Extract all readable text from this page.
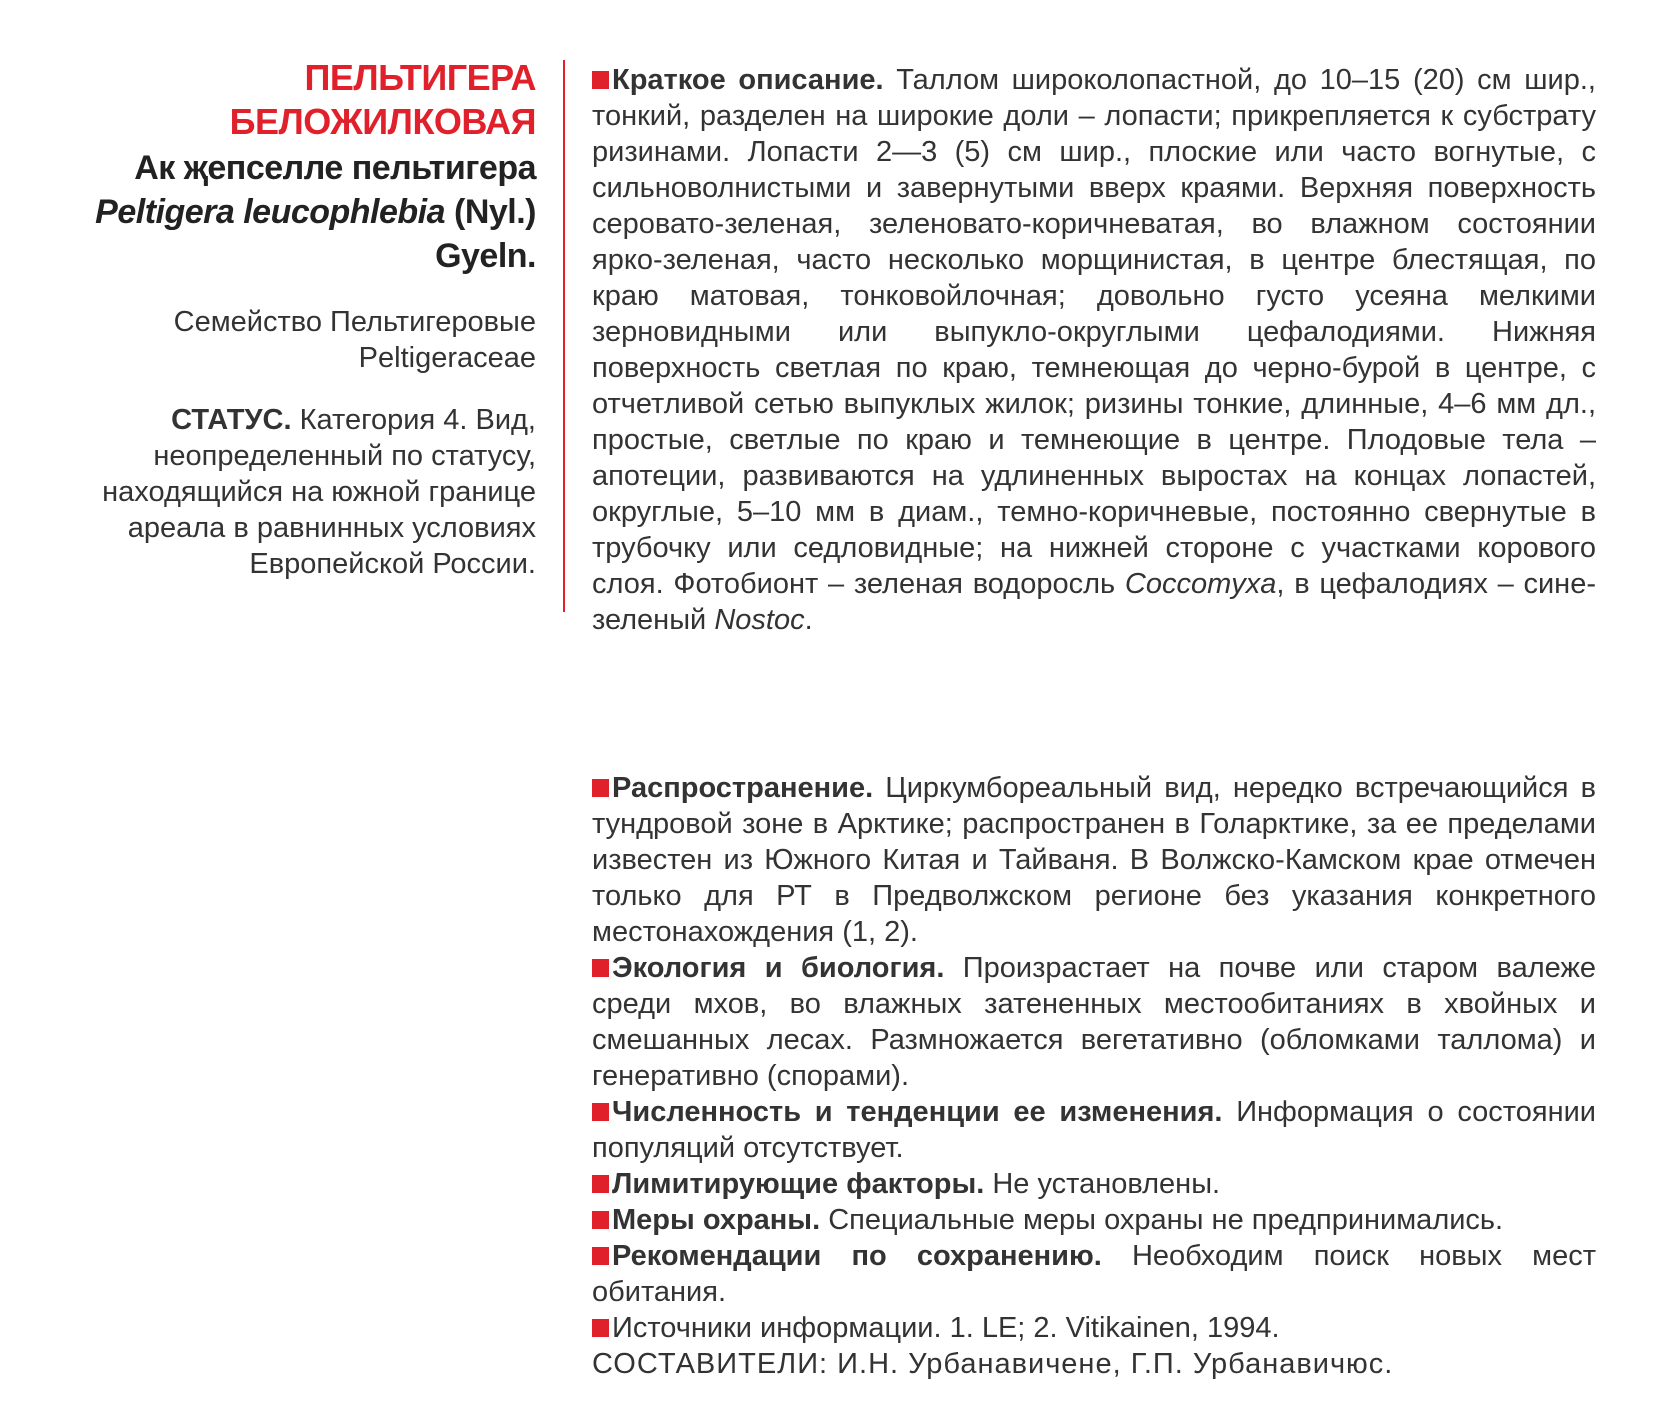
ПЕЛЬТИГЕРА
БЕЛОЖИЛКОВАЯ
Ак җепселле пельтигера
Peltigera leucophlebia (Nyl.)
Gyeln.
Семейство Пельтигеровые
Peltigeraceae
СТАТУС. Категория 4. Вид, неопределенный по статусу, находящийся на южной границе ареала в равнинных условиях Европейской России.

Краткое описание. Таллом широколопастной, до 10–15 (20) см шир., тонкий, разделен на широкие доли – лопасти; прикрепляется к субстрату ризинами. Лопасти 2—3 (5) см шир., плоские или часто вогнутые, с сильноволнистыми и завернутыми вверх краями. Верхняя поверхность серовато-зеленая, зеленовато-коричневатая, во влажном состоянии ярко-зеленая, часто несколько морщинистая, в центре блестящая, по краю матовая, тонковойлочная; довольно густо усеяна мелкими зерновидными или выпукло-округлыми цефалодиями. Нижняя поверхность светлая по краю, темнеющая до черно-бурой в центре, с отчетливой сетью выпуклых жилок; ризины тонкие, длинные, 4–6 мм дл., простые, светлые по краю и темнеющие в центре. Плодовые тела – апотеции, развиваются на удлиненных выростах на концах лопастей, округлые, 5–10 мм в диам., темно-коричневые, постоянно свернутые в трубочку или седловидные; на нижней стороне с участками корового слоя. Фотобионт – зеленая водоросль Coccomyxa, в цефалодиях – сине-зеленый Nostoc.

Распространение. Циркумбореальный вид, нередко встречающийся в тундровой зоне в Арктике; распространен в Голарктике, за ее пределами известен из Южного Китая и Тайваня. В Волжско-Камском крае отмечен только для РТ в Предволжском регионе без указания конкретного местонахождения (1, 2).

Экология и биология. Произрастает на почве или старом валеже среди мхов, во влажных затененных местообитаниях в хвойных и смешанных лесах. Размножается вегетативно (обломками таллома) и генеративно (спорами).

Численность и тенденции ее изменения. Информация о состоянии популяций отсутствует.

Лимитирующие факторы. Не установлены.

Меры охраны. Специальные меры охраны не предпринимались.

Рекомендации по сохранению. Необходим поиск новых мест обитания.

Источники информации. 1. LE; 2. Vitikainen, 1994.

СОСТАВИТЕЛИ: И.Н. Урбанавичене, Г.П. Урбанавичюс.
